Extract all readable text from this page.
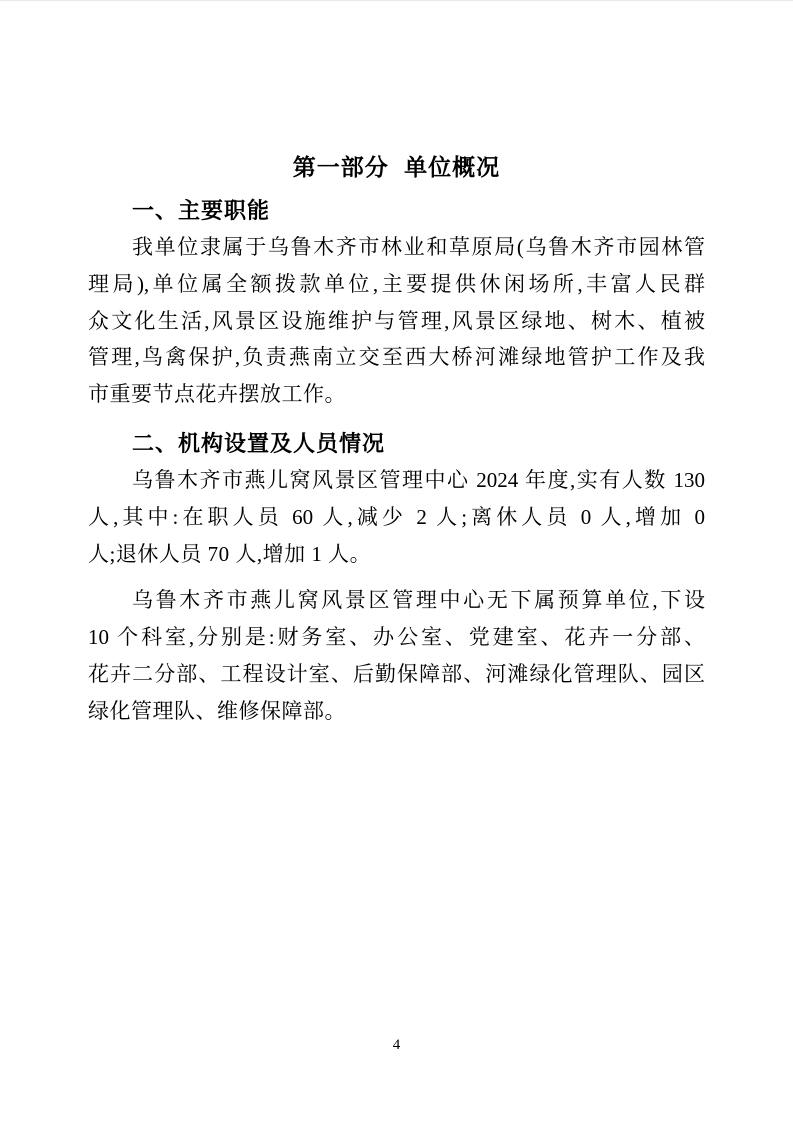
第一部分 单位概况
一、主要职能
我单位隶属于乌鲁木齐市林业和草原局(乌鲁木齐市园林管
理局),单位属全额拨款单位,主要提供休闲场所,丰富人民群
众文化生活,风景区设施维护与管理,风景区绿地、树木、植被
管理,鸟禽保护,负责燕南立交至西大桥河滩绿地管护工作及我
市重要节点花卉摆放工作。
二、机构设置及人员情况
乌鲁木齐市燕儿窝风景区管理中心 2024 年度,实有人数 130
人,其中:在职人员 60 人,减少 2 人;离休人员 0 人,增加 0
人;退休人员 70 人,增加 1 人。
乌鲁木齐市燕儿窝风景区管理中心无下属预算单位,下设
10 个科室,分别是:财务室、办公室、党建室、花卉一分部、
花卉二分部、工程设计室、后勤保障部、河滩绿化管理队、园区
绿化管理队、维修保障部。
4
